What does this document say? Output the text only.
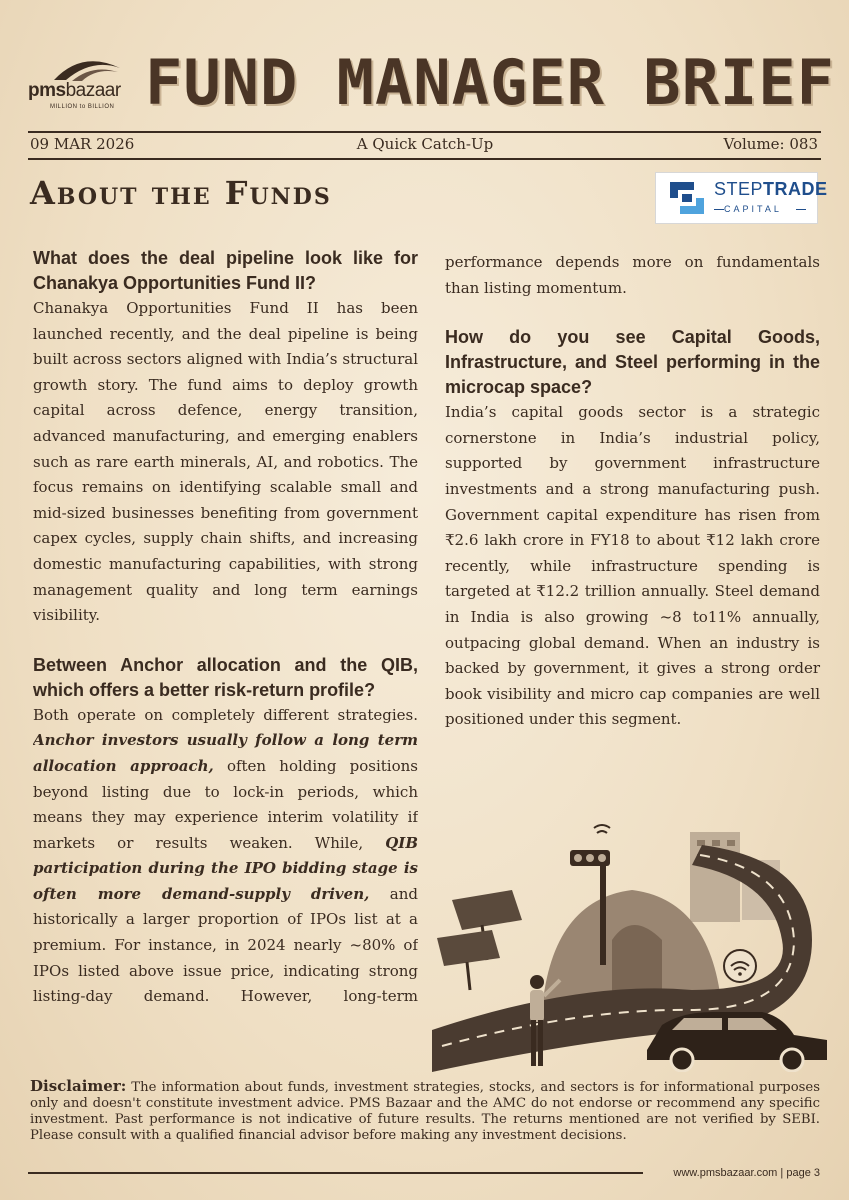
pmsbazaar
MILLION to BILLION FUND MANAGER BRIEF
09 MAR 2026	A Quick Catch-Up	Volume: 083
About the Funds	STEPTRADE
CAPITAL
What does the deal pipeline look like for Chanakya Opportunities Fund II?

Chanakya Opportunities Fund II has been launched recently, and the deal pipeline is being built across sectors aligned with India’s structural growth story. The fund aims to deploy growth capital across defence, energy transition, advanced manufacturing, and emerging enablers such as rare earth minerals, AI, and robotics. The focus remains on identifying scalable small and mid-sized businesses benefiting from government capex cycles, supply chain shifts, and increasing domestic manufacturing capabilities, with strong management quality and long term earnings visibility.

Between Anchor allocation and the QIB, which offers a better risk-return profile?

Both operate on completely different strategies. Anchor investors usually follow a long term allocation approach, often holding positions beyond listing due to lock-in periods, which means they may experience interim volatility if markets or results weaken. While, QIB participation during the IPO bidding stage is often more demand-supply driven, and historically a larger proportion of IPOs list at a premium. For instance, in 2024 nearly ~80% of IPOs listed above issue price, indicating strong listing-day demand. However, long-term

performance depends more on fundamentals than listing momentum.

How do you see Capital Goods, Infrastructure, and Steel performing in the microcap space?

India’s capital goods sector is a strategic cornerstone in India’s industrial policy, supported by government infrastructure investments and a strong manufacturing push. Government capital expenditure has risen from ₹2.6 lakh crore in FY18 to about ₹12 lakh crore recently, while infrastructure spending is targeted at ₹12.2 trillion annually. Steel demand in India is also growing ~8 to11% annually, outpacing global demand. When an industry is backed by government, it gives a strong order book visibility and micro cap companies are well positioned under this segment.

Disclaimer: The information about funds, investment strategies, stocks, and sectors is for informational purposes only and doesn't constitute investment advice. PMS Bazaar and the AMC do not endorse or recommend any specific investment. Past performance is not indicative of future results. The returns mentioned are not verified by SEBI. Please consult with a qualified financial advisor before making any investment decisions.
www.pmsbazaar.com | page 3
